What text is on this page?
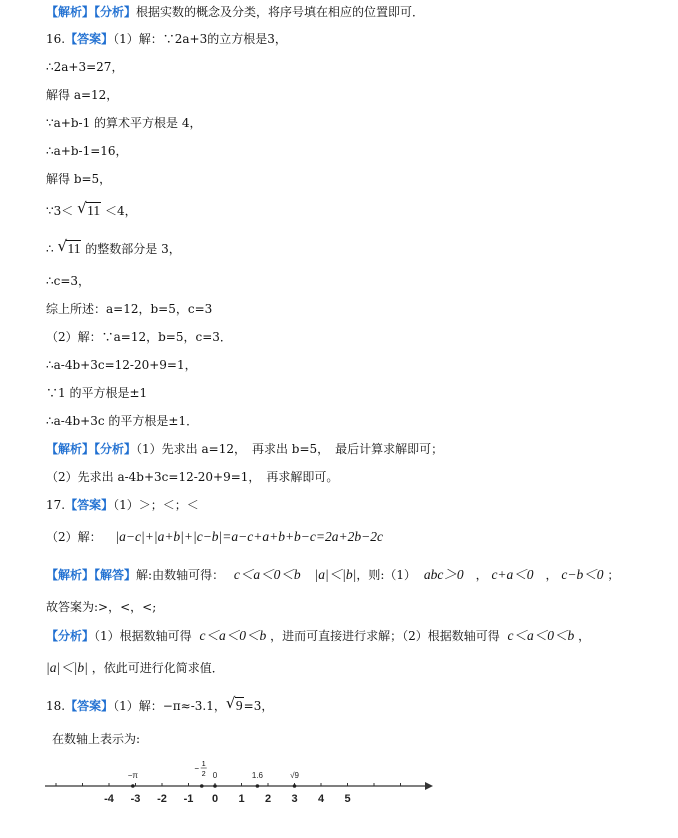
【解析】【分析】根据实数的概念及分类，将序号填在相应的位置即可．
16.【答案】（1）解：∵2a+3的立方根是3，
∴2a+3=27，
解得 a=12，
∵a+b-1 的算术平方根是 4，
∴a+b-1=16，
解得 b=5，
∵3＜ √ 11 ＜4，
∴ √ 11 的整数部分是 3，
∴c=3，
综上所述：a=12，b=5，c=3
（2）解：∵a=12，b=5，c=3．
∴a-4b+3c=12-20+9=1，
∵1 的平方根是±1
∴a-4b+3c 的平方根是±1．
【解析】【分析】（1）先求出 a=12，　再求出 b=5，　最后计算求解即可；
（2）先求出 a-4b+3c=12-20+9=1，　再求解即可。
17.【答案】（1）＞；＜；＜
（2）解： |a−c|+|a+b|+|c−b|=a−c+a+b+b−c=2a+2b−2c
【解析】【解答】解:由数轴可得： c＜a＜0＜b |a|＜|b|，则:（1） abc＞0　， c+a＜0　， c−b＜0 ；
故答案为:>，<，<;
【分析】（1）根据数轴可得 c＜a＜0＜b ，进而可直接进行求解；（2）根据数轴可得 c＜a＜0＜b ，
|a|＜|b| ，依此可进行化简求值．
18.【答案】（1）解：−π≈-3.1， √ 9=3，
在数轴上表示为:
-4 -3 -2 -1 0 1 2 3 4 5
−π
1
2
−
0	1.6	√9
